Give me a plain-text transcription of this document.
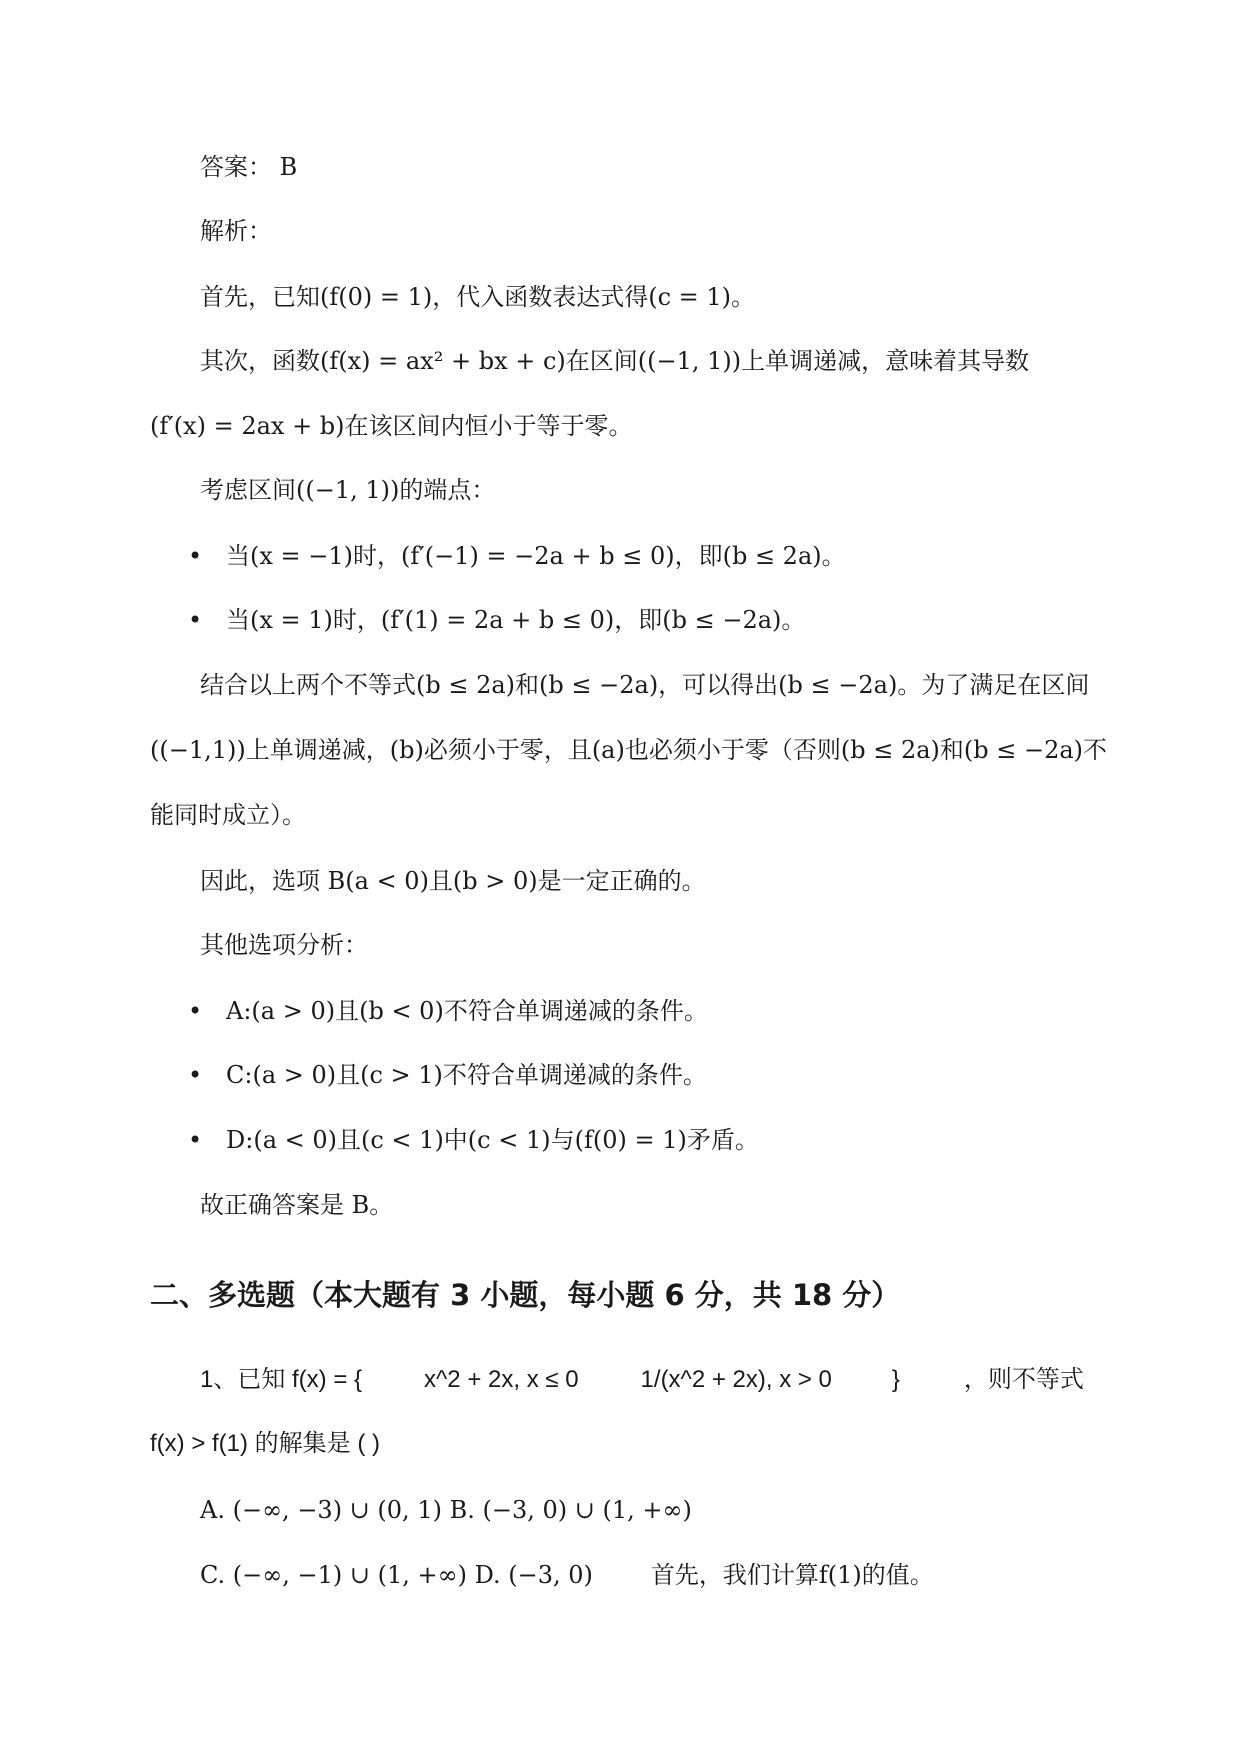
答案： B
解析：
首先，已知(f(0) = 1)，代入函数表达式得(c = 1)。
其次，函数(f(x) = ax² + bx + c)在区间((−1, 1))上单调递减，意味着其导数
(f′(x) = 2ax + b)在该区间内恒小于等于零。
考虑区间((−1, 1))的端点：
• 当(x = −1)时，(f′(−1) = −2a + b ≤ 0)，即(b ≤ 2a)。
• 当(x = 1)时，(f′(1) = 2a + b ≤ 0)，即(b ≤ −2a)。
结合以上两个不等式(b ≤ 2a)和(b ≤ −2a)，可以得出(b ≤ −2a)。为了满足在区间
((−1,1))上单调递减，(b)必须小于零，且(a)也必须小于零（否则(b ≤ 2a)和(b ≤ −2a)不
能同时成立）。
因此，选项 B(a < 0)且(b > 0)是一定正确的。
其他选项分析：
• A:(a > 0)且(b < 0)不符合单调递减的条件。
• C:(a > 0)且(c > 1)不符合单调递减的条件。
• D:(a < 0)且(c < 1)中(c < 1)与(f(0) = 1)矛盾。
故正确答案是 B。
二、多选题（本大题有 3 小题，每小题 6 分，共 18 分）
1、已知 f(x) = {	x^2 + 2x, x ≤ 0	1/(x^2 + 2x), x > 0	}	，则不等式
f(x) > f(1) 的解集是 ( )
A. (−∞, −3) ∪ (0, 1) B. (−3, 0) ∪ (1, +∞)
C. (−∞, −1) ∪ (1, +∞) D. (−3, 0) 首先，我们计算f(1)的值。
